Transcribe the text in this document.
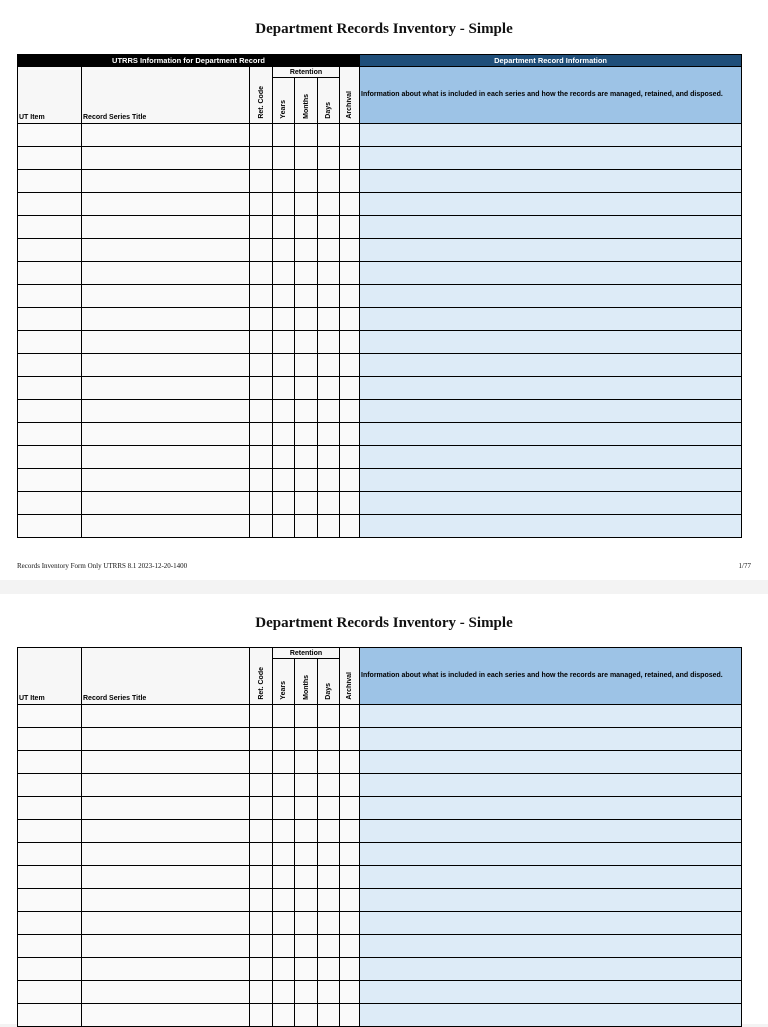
Department Records Inventory - Simple
UTRRS Information for Department Record							Department Record Information
UT Item	Record Series Title	Ret. Code	Retention			Archival	Information about what is included in each series and how the records are managed, retained, and disposed.
			Years	Months	Days		

Records Inventory Form Only UTRRS 8.1 2023-12-20-1400	1/77
Department Records Inventory - Simple
UT Item	Record Series Title	Ret. Code	Retention			Archival	Information about what is included in each series and how the records are managed, retained, and disposed.
			Years	Months	Days		
